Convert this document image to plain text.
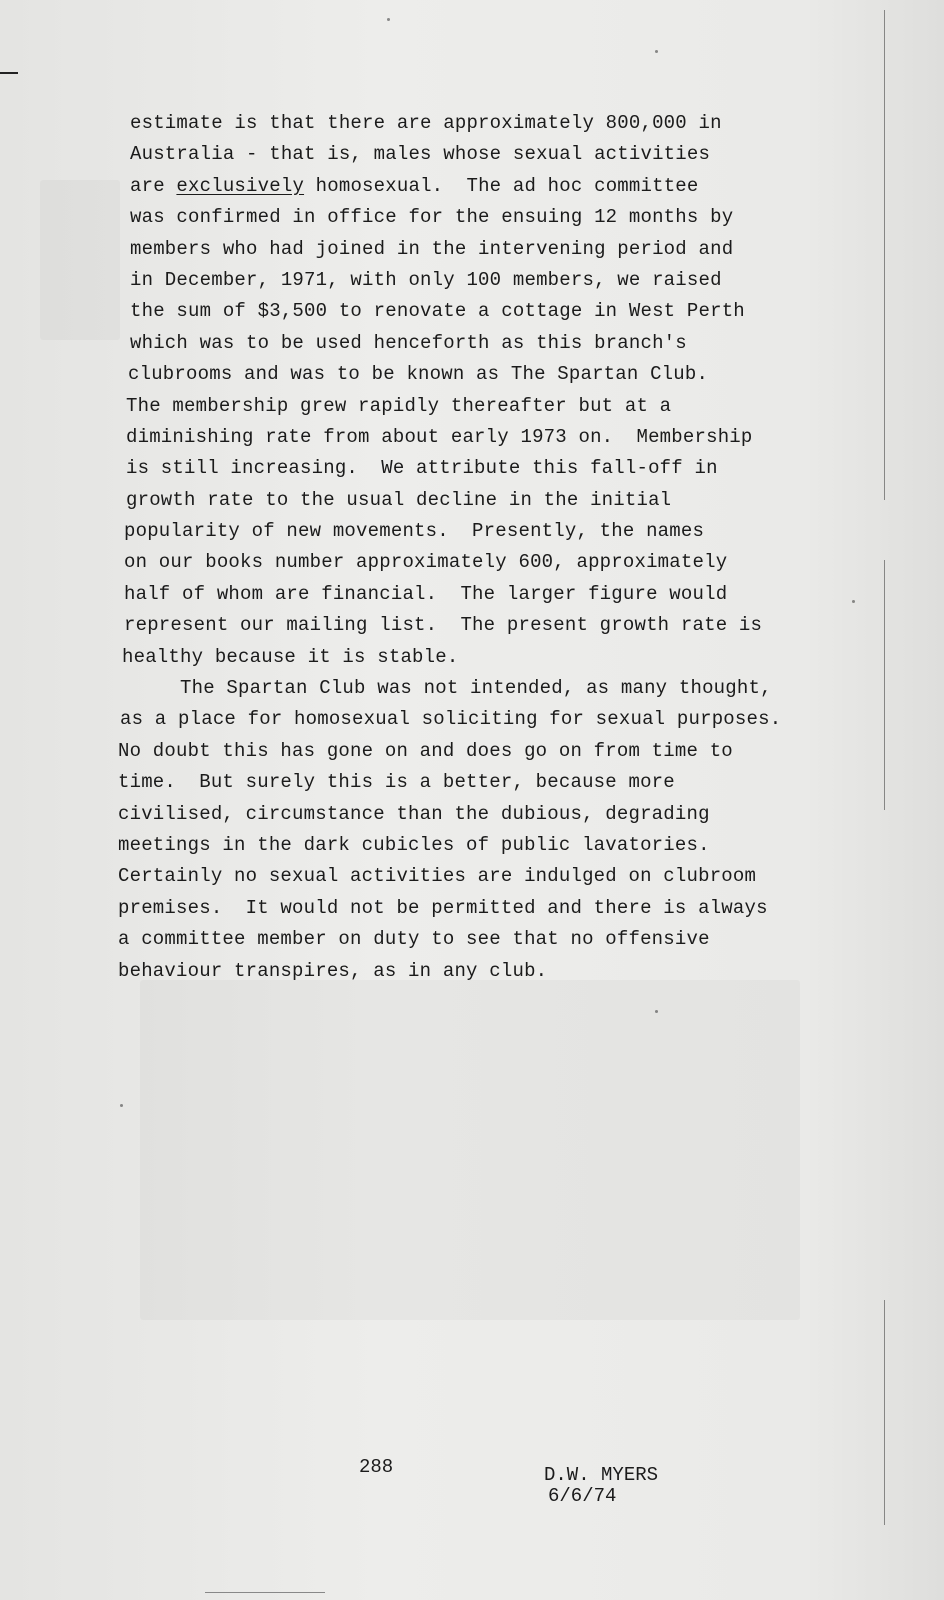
estimate is that there are approximately 800,000 in
Australia - that is, males whose sexual activities
are exclusively homosexual.  The ad hoc committee
was confirmed in office for the ensuing 12 months by
members who had joined in the intervening period and
in December, 1971, with only 100 members, we raised
the sum of $3,500 to renovate a cottage in West Perth
which was to be used henceforth as this branch's
clubrooms and was to be known as The Spartan Club.
The membership grew rapidly thereafter but at a
diminishing rate from about early 1973 on.  Membership
is still increasing.  We attribute this fall-off in
growth rate to the usual decline in the initial
popularity of new movements.  Presently, the names
on our books number approximately 600, approximately
half of whom are financial.  The larger figure would
represent our mailing list.  The present growth rate is
healthy because it is stable.
The Spartan Club was not intended, as many thought,
as a place for homosexual soliciting for sexual purposes.
No doubt this has gone on and does go on from time to
time.  But surely this is a better, because more
civilised, circumstance than the dubious, degrading
meetings in the dark cubicles of public lavatories.
Certainly no sexual activities are indulged on clubroom
premises.  It would not be permitted and there is always
a committee member on duty to see that no offensive
behaviour transpires, as in any club.
288	D.W. MYERS
6/6/74
